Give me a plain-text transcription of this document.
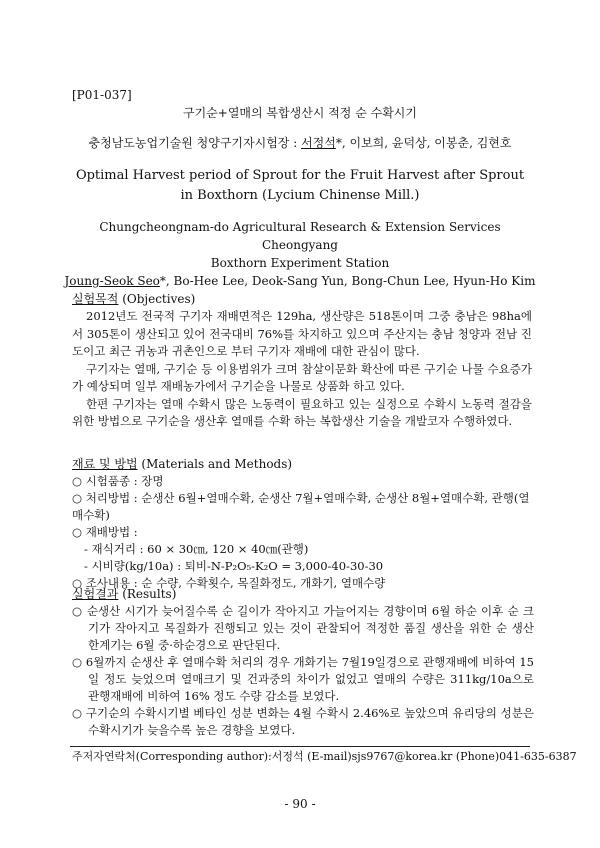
[P01-037]
구기순+열매의 복합생산시 적정 순 수확시기
충청남도농업기술원 청양구기자시험장 : 서정석*, 이보희, 윤덕상, 이봉춘, 김현호
Optimal Harvest period of Sprout for the Fruit Harvest after Sprout in Boxthorn (Lycium Chinense Mill.)
Chungcheongnam-do Agricultural Research & Extension Services Cheongyang
Boxthorn Experiment Station
Joung-Seok Seo*, Bo-Hee Lee, Deok-Sang Yun, Bong-Chun Lee, Hyun-Ho Kim
실험목적 (Objectives)

2012년도 전국적 구기자 재배면적은 129ha, 생산량은 518톤이며 그중 충남은 98ha에서 305톤이 생산되고 있어 전국대비 76%를 차지하고 있으며 주산지는 충남 청양과 전남 진도이고 최근 귀농과 귀촌인으로 부터 구기자 재배에 대한 관심이 많다.

구기자는 열매, 구기순 등 이용범위가 크며 참살이문화 확산에 따른 구기순 나물 수요증가가 예상되며 일부 재배농가에서 구기순을 나물로 상품화 하고 있다.

한편 구기자는 열매 수확시 많은 노동력이 필요하고 있는 실정으로 수확시 노동력 절감을 위한 방법으로 구기순을 생산후 열매를 수확 하는 복합생산 기술을 개발코자 수행하였다.

재료 및 방법 (Materials and Methods)
○ 시험품종 : 장명
○ 처리방법 : 순생산 6월+열매수확, 순생산 7월+열매수확, 순생산 8월+열매수확, 관행(열매수확)
○ 재배방법 :
- 재식거리 : 60 × 30㎝, 120 × 40㎝(관행)
- 시비량(kg/10a) : 퇴비-N-P₂O₅-K₂O = 3,000-40-30-30
○ 조사내용 : 순 수량, 수확횟수, 목질화정도, 개화기, 열매수량
실험결과 (Results)
○ 순생산 시기가 늦어질수록 순 길이가 작아지고 가늘어지는 경향이며 6월 하순 이후 순 크기가 작아지고 목질화가 진행되고 있는 것이 관찰되어 적정한 품질 생산을 위한 순 생산 한계기는 6월 중·하순경으로 판단된다.
○ 6월까지 순생산 후 열매수확 처리의 경우 개화기는 7월19일경으로 관행재배에 비하여 15일 정도 늦었으며 열매크기 및 건과중의 차이가 없었고 열매의 수량은 311kg/10a으로 관행재배에 비하여 16% 정도 수량 감소를 보였다.
○ 구기순의 수확시기별 베타인 성분 변화는 4월 수확시 2.46%로 높았으며 유리당의 성분은 수확시기가 늦을수록 높은 경향을 보였다.
주저자연락처(Corresponding author):서정석 (E-mail)sjs9767@korea.kr (Phone)041-635-6387
- 90 -
